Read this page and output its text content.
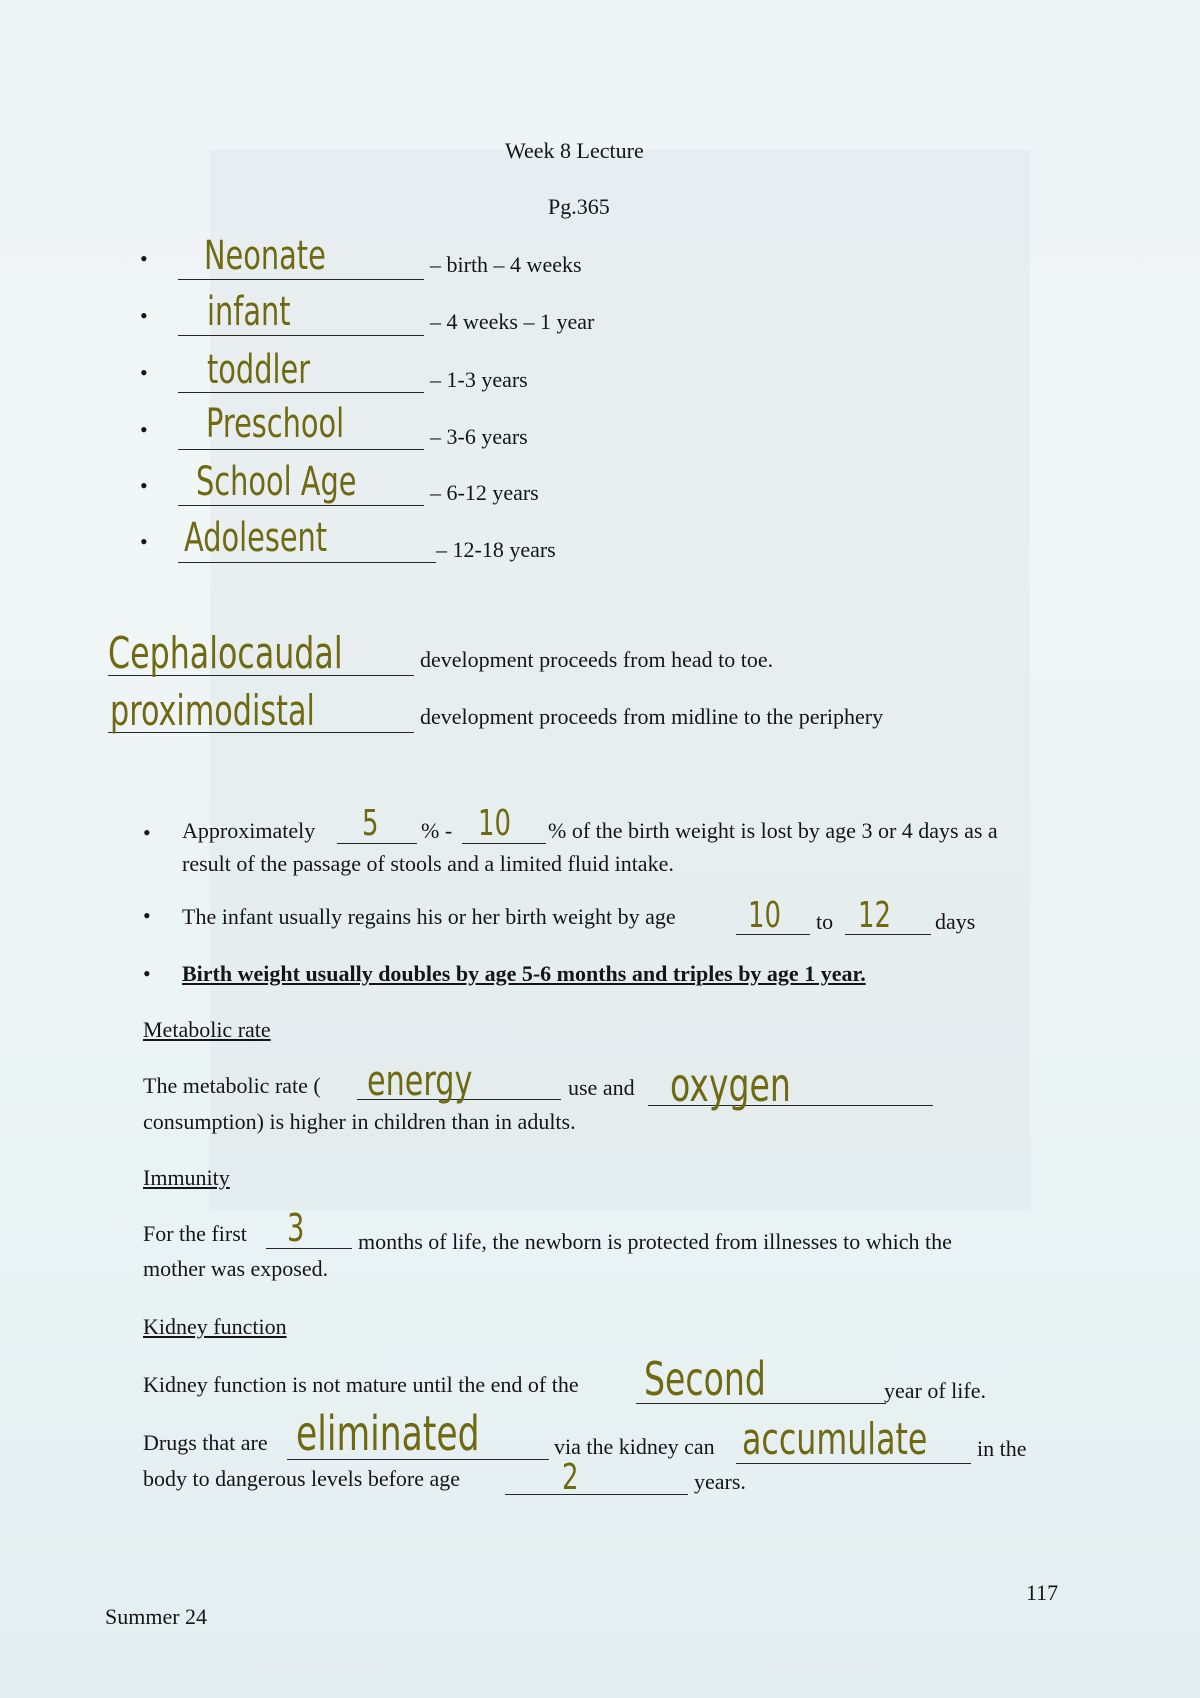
Week 8 Lecture
Pg.365
• Neonate	– birth – 4 weeks
• infant	– 4 weeks – 1 year
• toddler	– 1-3 years
• Preschool	– 3-6 years
• School Age	– 6-12 years
• Adolesent	– 12-18 years
Cephalocaudal	development proceeds from head to toe.
proximodistal	development proceeds from midline to the periphery
• Approximately 5 % - 10 % of the birth weight is lost by age 3 or 4 days as a
result of the passage of stools and a limited fluid intake.
• The infant usually regains his or her birth weight by age 10 to 12 days
• Birth weight usually doubles by age 5-6 months and triples by age 1 year.
Metabolic rate
The metabolic rate ( energy	use and oxygen
consumption) is higher in children than in adults.
Immunity
For the first 3 months of life, the newborn is protected from illnesses to which the
mother was exposed.
Kidney function
Kidney function is not mature until the end of the Second	year of life.
Drugs that are eliminated	via the kidney can accumulate in the
body to dangerous levels before age	2	years.
117
Summer 24
